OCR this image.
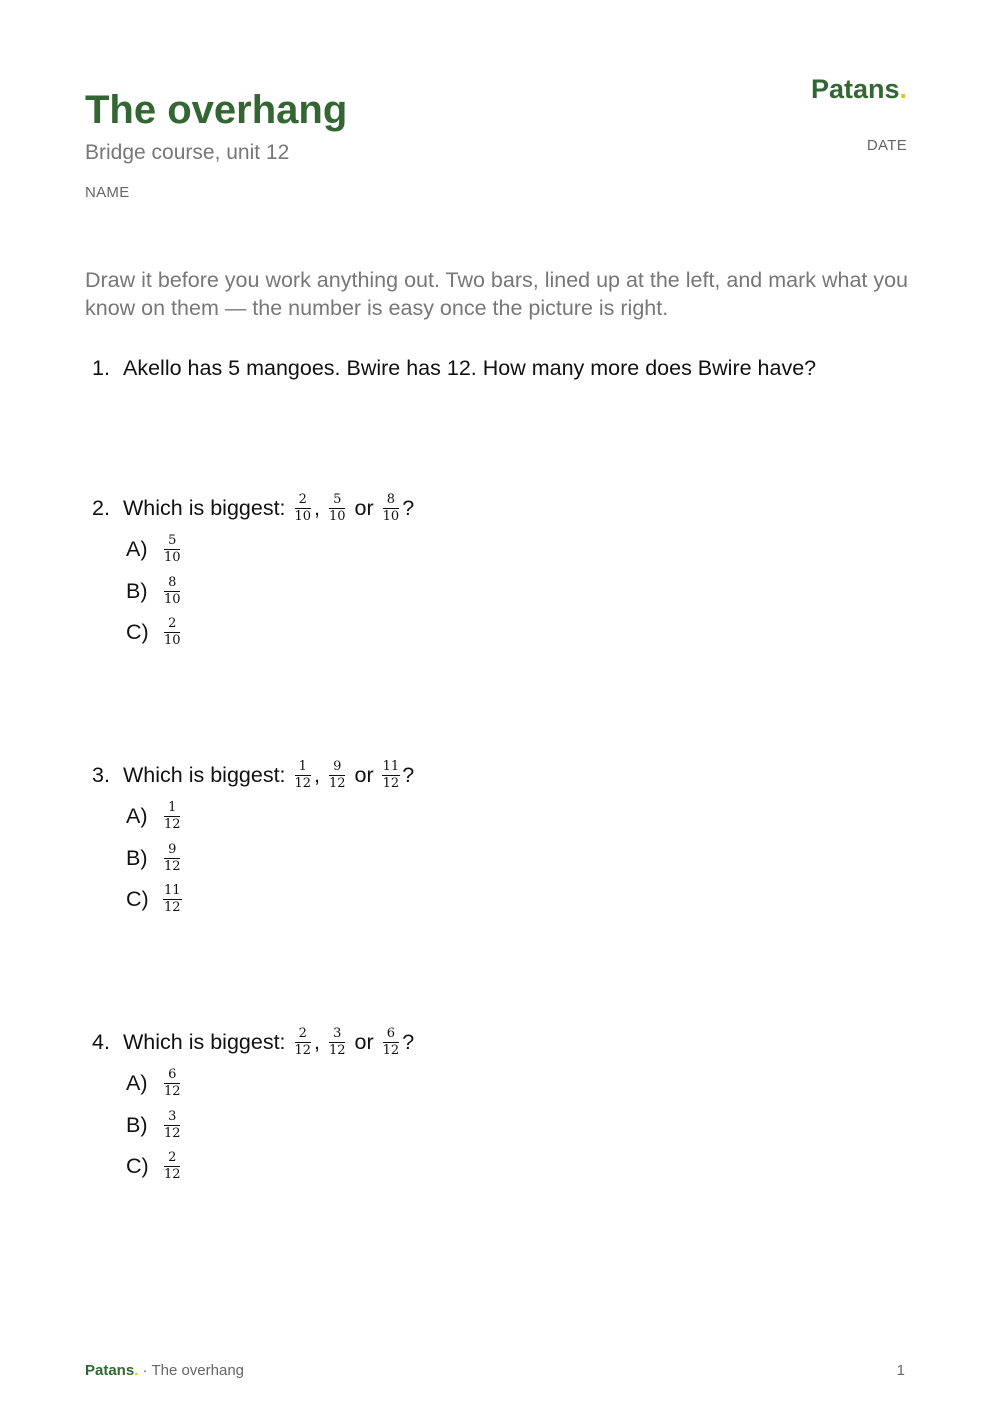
The overhang
Bridge course, unit 12
NAME
Patans.
DATE
Draw it before you work anything out. Two bars, lined up at the left, and mark what you know on them — the number is easy once the picture is right.
1. Akello has 5 mangoes. Bwire has 12. How many more does Bwire have?
2. Which is biggest:
$\frac{2}{10}$ ,
$\frac{5}{10}$
or
$\frac{8}{10}$ ?
A)	$\frac{5}{10}$
B)	$\frac{8}{10}$
C)	$\frac{2}{10}$
3. Which is biggest:
$\frac{1}{12}$ ,
$\frac{9}{12}$
or
$\frac{11}{12}$ ?
A)	$\frac{1}{12}$
B)	$\frac{9}{12}$
C)	$\frac{11}{12}$
4. Which is biggest:
$\frac{2}{12}$ ,
$\frac{3}{12}$
or
$\frac{6}{12}$ ?
A)	$\frac{6}{12}$
B)	$\frac{3}{12}$
C)	$\frac{2}{12}$
Patans. · The overhang	1
